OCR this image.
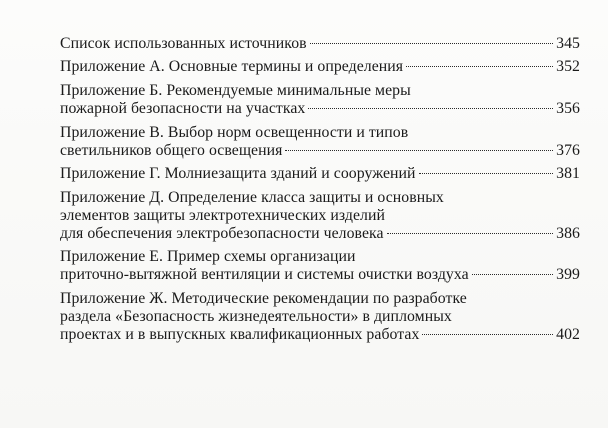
Список использованных источников	345
Приложение А. Основные термины и определения	352
Приложение Б. Рекомендуемые минимальные меры
пожарной безопасности на участках	356
Приложение В. Выбор норм освещенности и типов
светильников общего освещения	376
Приложение Г. Молниезащита зданий и сооружений	381
Приложение Д. Определение класса защиты и основных
элементов защиты электротехнических изделий
для обеспечения электробезопасности человека	386
Приложение Е. Пример схемы организации
приточно-вытяжной вентиляции и системы очистки воздуха	399
Приложение Ж. Методические рекомендации по разработке
раздела «Безопасность жизнедеятельности» в дипломных
проектах и в выпускных квалификационных работах	402
